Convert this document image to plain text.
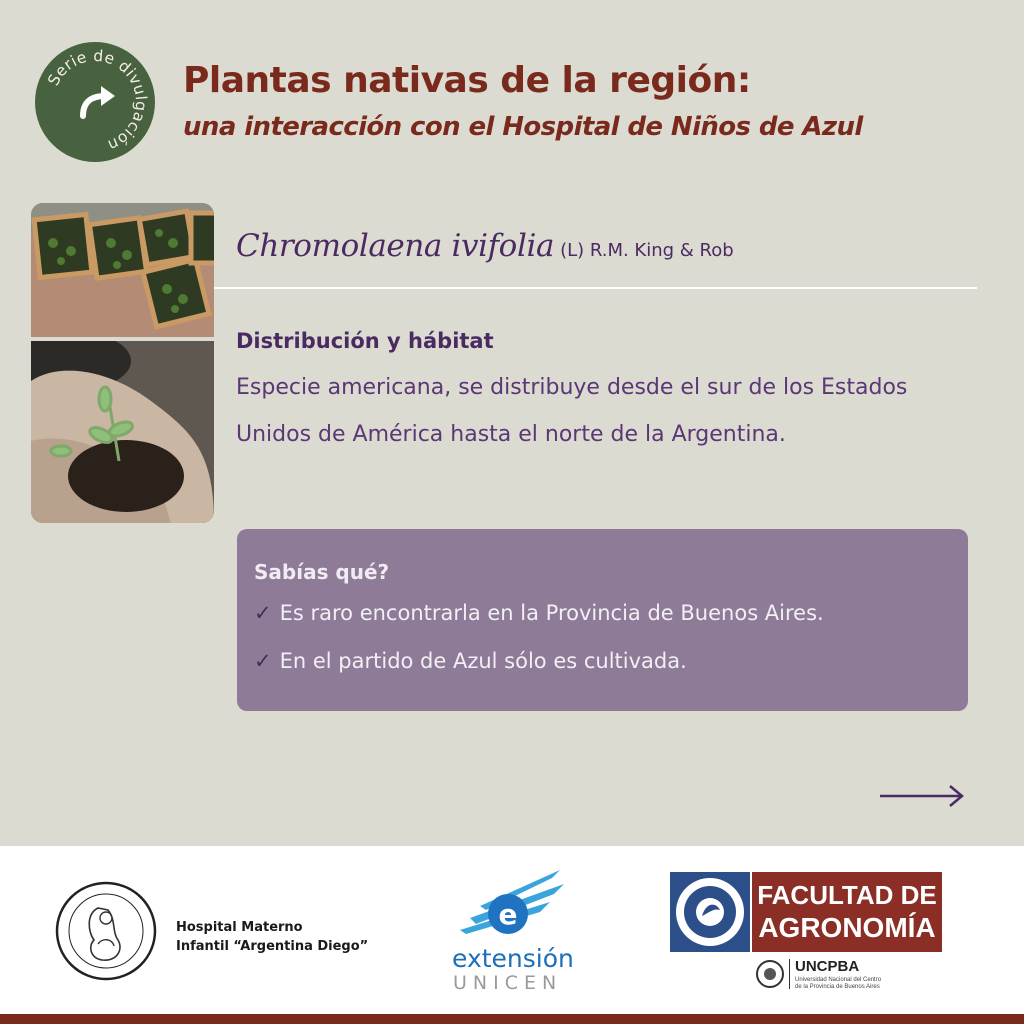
Serie de divulgación
Plantas nativas de la región:
una interacción con el Hospital de Niños de Azul
Chromolaena ivifolia (L) R.M. King & Rob
Distribución y hábitat

Especie americana, se distribuye desde el sur de los Estados Unidos de América hasta el norte de la Argentina.

Sabías qué?
✓ Es raro encontrarla en la Provincia de Buenos Aires.
✓ En el partido de Azul sólo es cultivada.
Hospital Materno
Infantil “Argentina Diego”
e
extensión
UNICEN
FACULTAD DE
AGRONOMÍA
UNCPBA
Universidad Nacional del Centro
de la Provincia de Buenos Aires
